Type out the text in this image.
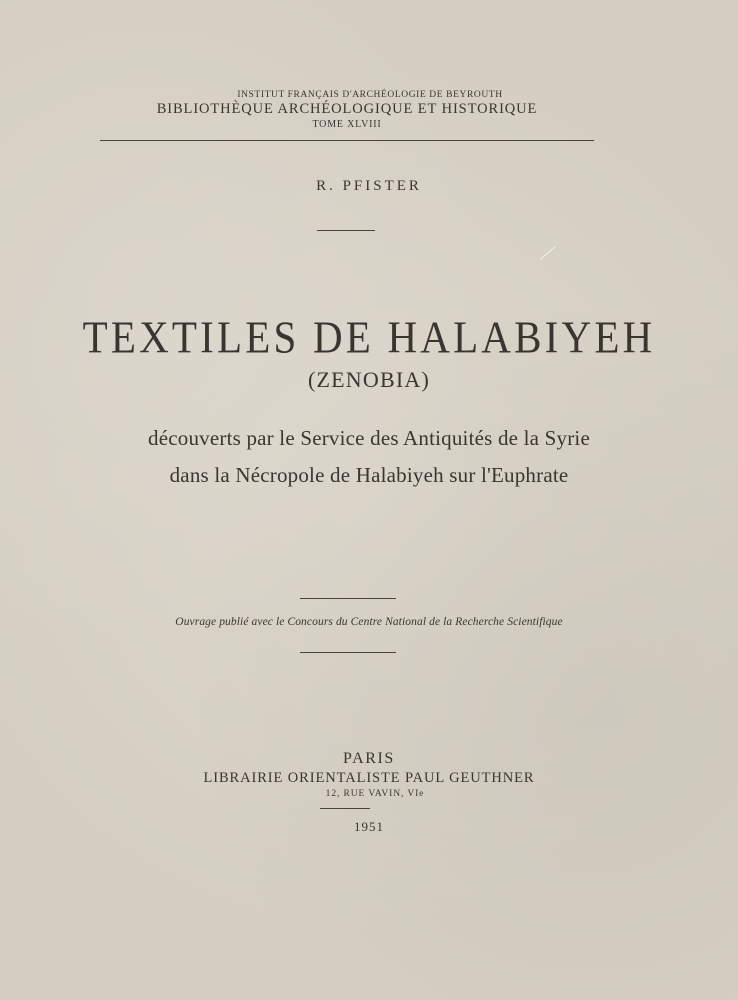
INSTITUT FRANÇAIS D'ARCHÉOLOGIE DE BEYROUTH
BIBLIOTHÈQUE ARCHÉOLOGIQUE ET HISTORIQUE
TOME XLVIII
R. PFISTER
TEXTILES DE HALABIYEH
(ZENOBIA)
découverts par le Service des Antiquités de la Syrie
dans la Nécropole de Halabiyeh sur l'Euphrate
Ouvrage publié avec le Concours du Centre National de la Recherche Scientifique
PARIS
LIBRAIRIE ORIENTALISTE PAUL GEUTHNER
12, RUE VAVIN, VIe
1951
